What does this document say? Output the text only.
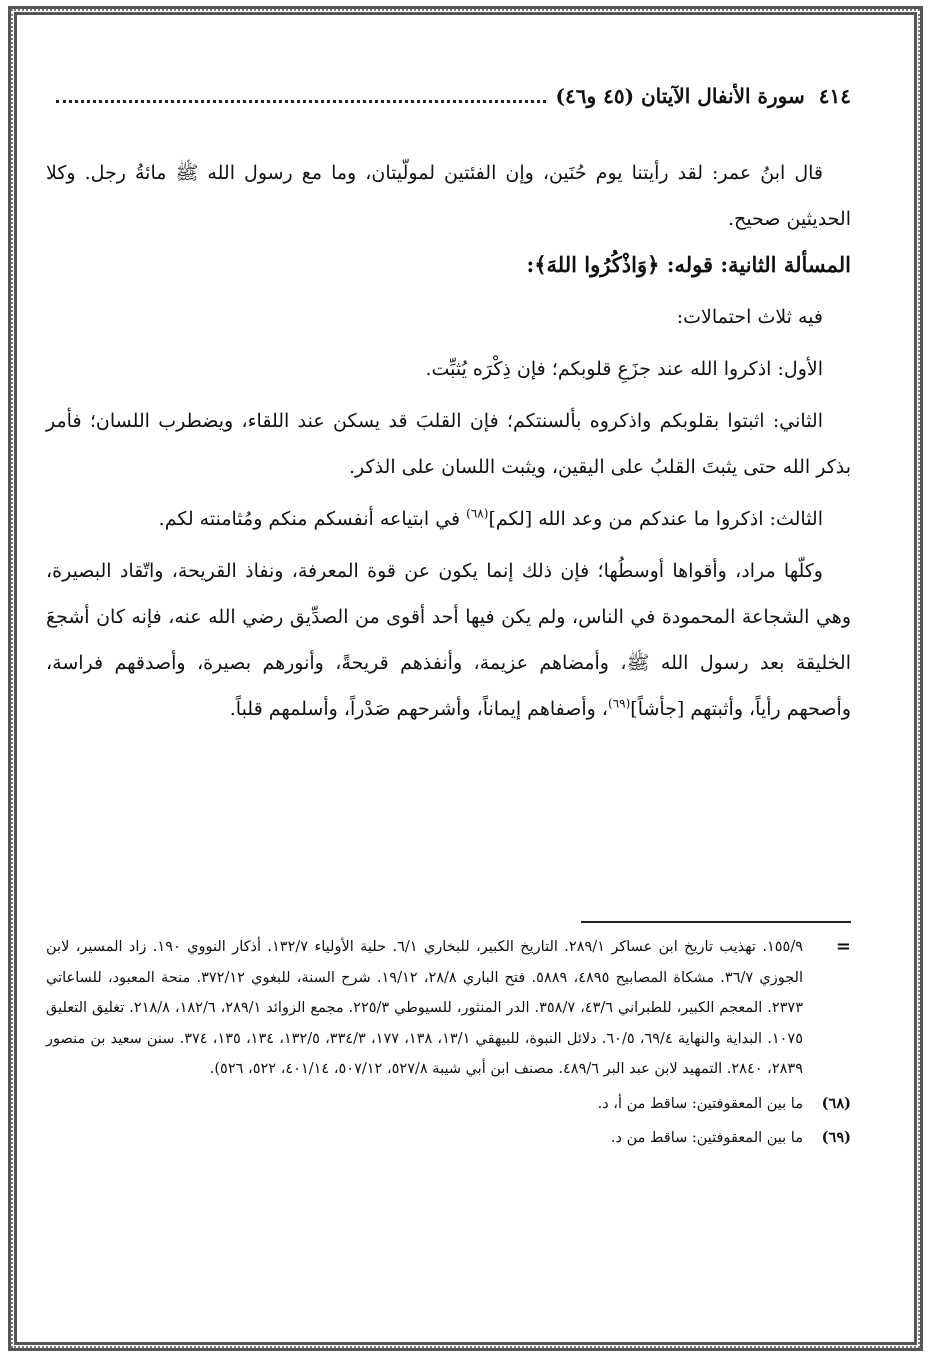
٤١٤
سورة الأنفال الآيتان (٤٥ و٤٦)

قال ابنُ عمر: لقد رأيتنا يوم حُنَين، وإن الفئتين لمولّيتان، وما مع رسول الله ﷺ مائةُ رجل. وكلا الحديثين صحيح.

المسألة الثانية: قوله: ﴿وَاذْكُرُوا اللهَ﴾:

فيه ثلاث احتمالات:

الأول: اذكروا الله عند جزَعِ قلوبكم؛ فإن ذِكْرَه يُثبِّت.

الثاني: اثبتوا بقلوبكم واذكروه بألسنتكم؛ فإن القلبَ قد يسكن عند اللقاء، ويضطرب اللسان؛ فأمر بذكر الله حتى يثبتَ القلبُ على اليقين، ويثبت اللسان على الذكر.

الثالث: اذكروا ما عندكم من وعد الله [لكم]$^{(٦٨)}$ في ابتياعه أنفسكم منكم ومُثامنته لكم.

وكلّها مراد، وأقواها أوسطُها؛ فإن ذلك إنما يكون عن قوة المعرفة، ونفاذ القريحة، واتّقاد البصيرة، وهي الشجاعة المحمودة في الناس، ولم يكن فيها أحد أقوى من الصدِّيق رضي الله عنه، فإنه كان أشجعَ الخليقة بعد رسول الله ﷺ، وأمضاهم عزيمة، وأنفذهم قريحةً، وأنورهم بصيرة، وأصدقهم فراسة، وأصحهم رأياً، وأثبتهم [جأشاً]$^{(٦٩)}$، وأصفاهم إيماناً، وأشرحهم صَدْراً، وأسلمهم قلباً.

=
١٥٥/٩. تهذيب تاريخ ابن عساكر ٢٨٩/١. التاريخ الكبير، للبخاري ٦/١. حلية الأولياء ١٣٢/٧. أذكار النووي ١٩٠. زاد المسير، لابن الجوزي ٣٦/٧. مشكاة المصابيح ٤٨٩٥، ٥٨٨٩. فتح الباري ٢٨/٨، ١٩/١٢. شرح السنة، للبغوي ٣٧٢/١٢. منحة المعبود، للساعاتي ٢٣٧٣. المعجم الكبير، للطبراني ٤٣/٦، ٣٥٨/٧. الدر المنثور، للسيوطي ٢٢٥/٣. مجمع الزوائد ٢٨٩/١، ١٨٢/٦، ٢١٨/٨. تغليق التعليق ١٠٧٥. البداية والنهاية ٦٩/٤، ٦٠/٥. دلائل النبوة، للبيهقي ١٣/١، ١٣٨، ١٧٧، ٣٣٤/٣، ١٣٢/٥، ١٣٤، ١٣٥، ٣٧٤. سنن سعيد بن منصور ٢٨٣٩، ٢٨٤٠. التمهيد لابن عبد البر ٤٨٩/٦. مصنف ابن أبي شيبة ٥٢٧/٨، ٥٠٧/١٢، ٤٠١/١٤، ٥٢٢، ٥٢٦).
(٦٨)
ما بين المعقوفتين: ساقط من أ، د.
(٦٩)
ما بين المعقوفتين: ساقط من د.
